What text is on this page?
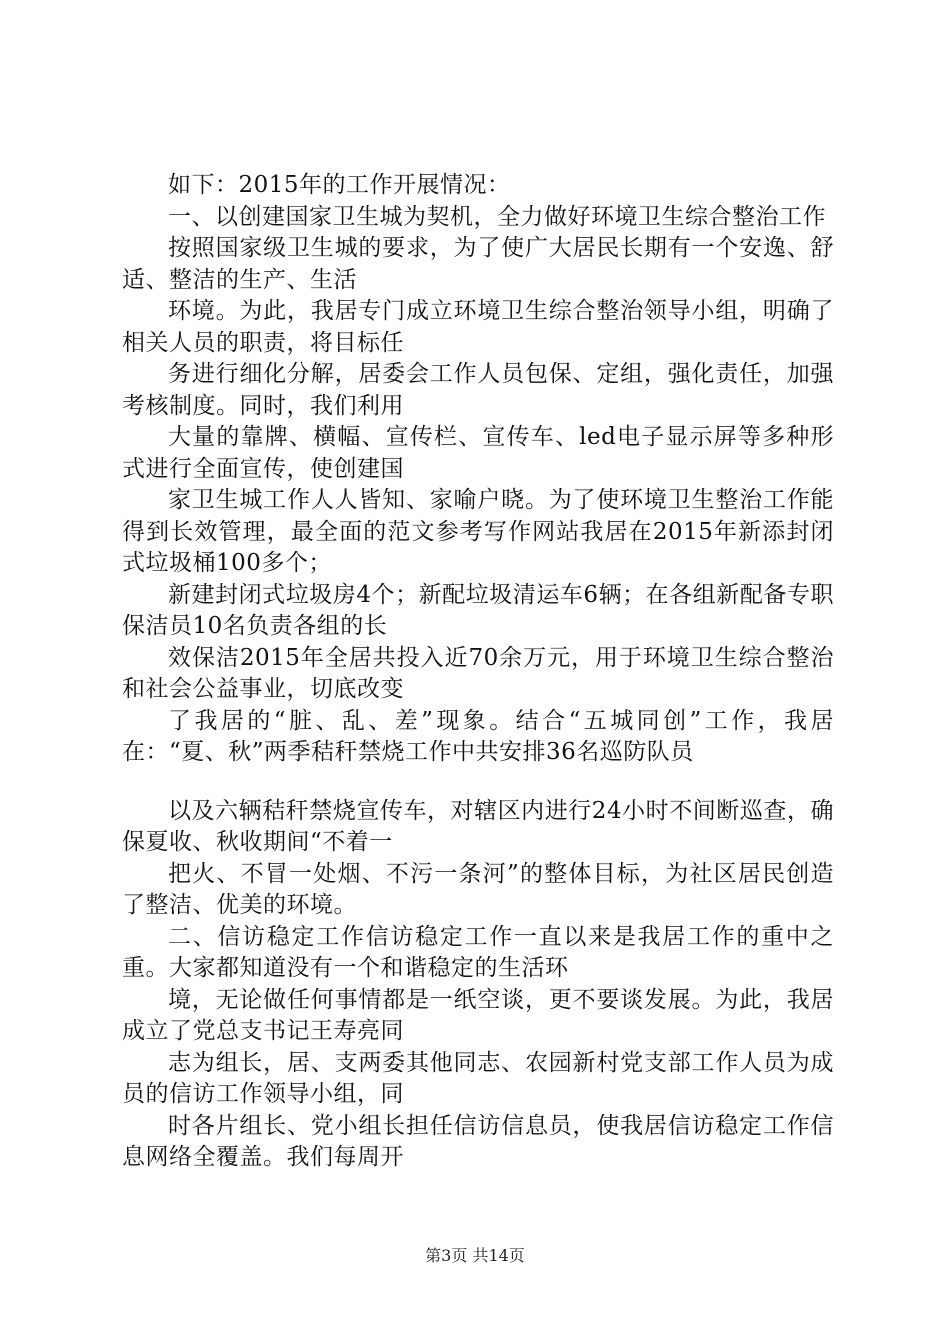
如下：2015年的工作开展情况：

一、以创建国家卫生城为契机，全力做好环境卫生综合整治工作

按照国家级卫生城的要求，为了使广大居民长期有一个安逸、舒适、整洁的生产、生活

环境。为此，我居专门成立环境卫生综合整治领导小组，明确了相关人员的职责，将目标任

务进行细化分解，居委会工作人员包保、定组，强化责任，加强考核制度。同时，我们利用

大量的靠牌、横幅、宣传栏、宣传车、led电子显示屏等多种形式进行全面宣传，使创建国

家卫生城工作人人皆知、家喻户晓。为了使环境卫生整治工作能得到长效管理，最全面的范文参考写作网站我居在2015年新添封闭式垃圾桶100多个；

新建封闭式垃圾房4个；新配垃圾清运车6辆；在各组新配备专职保洁员10名负责各组的长

效保洁2015年全居共投入近70余万元，用于环境卫生综合整治和社会公益事业，切底改变

了我居的“脏、乱、差”现象。结合“五城同创”工作，我居在：“夏、秋”两季秸秆禁烧工作中共安排36名巡防队员

以及六辆秸秆禁烧宣传车，对辖区内进行24小时不间断巡查，确保夏收、秋收期间“不着一

把火、不冒一处烟、不污一条河”的整体目标，为社区居民创造了整洁、优美的环境。

二、信访稳定工作信访稳定工作一直以来是我居工作的重中之重。大家都知道没有一个和谐稳定的生活环

境，无论做任何事情都是一纸空谈，更不要谈发展。为此，我居成立了党总支书记王寿亮同

志为组长，居、支两委其他同志、农园新村党支部工作人员为成员的信访工作领导小组，同

时各片组长、党小组长担任信访信息员，使我居信访稳定工作信息网络全覆盖。我们每周开

第3页 共14页
